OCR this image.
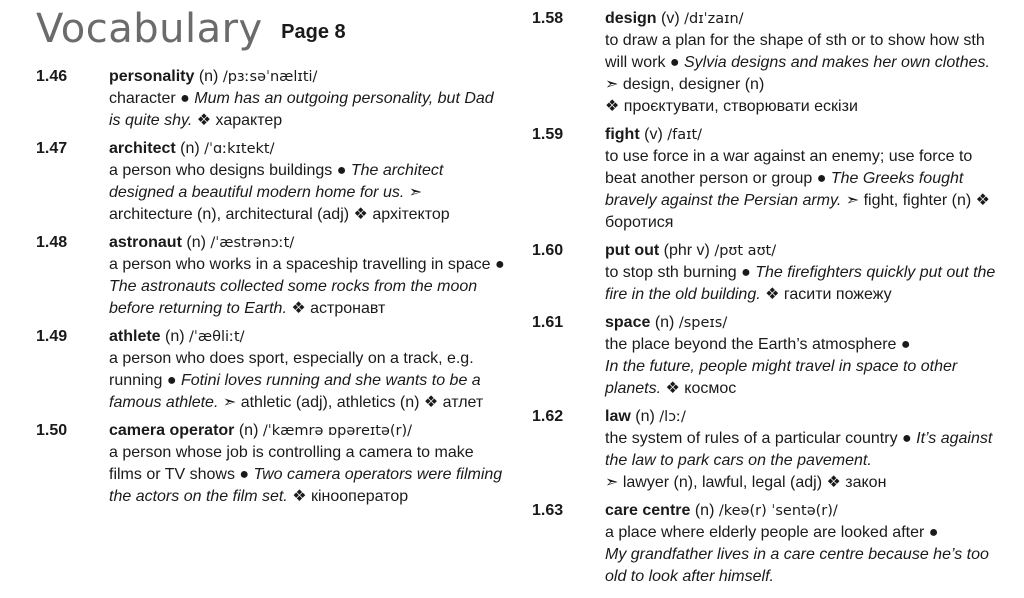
Vocabulary Page 8
1.46	personality (n) /pɜːsəˈnælɪti/
character ● Mum has an outgoing personality, but Dad is quite shy. ❖ характер
1.47	architect (n) /ˈɑːkɪtekt/
a person who designs buildings ● The architect designed a beautiful modern home for us. ➣ architecture (n), architectural (adj) ❖ архітектор
1.48	astronaut (n) /ˈæstrənɔːt/
a person who works in a spaceship travelling in space ● The astronauts collected some rocks from the moon before returning to Earth. ❖ астронавт
1.49	athlete (n) /ˈæθliːt/
a person who does sport, especially on a track, e.g. running ● Fotini loves running and she wants to be a famous athlete. ➣ athletic (adj), athletics (n) ❖ атлет
1.50	camera operator (n) /ˈkæmrə ɒpəreɪtə(r)/
a person whose job is controlling a camera to make films or TV shows ● Two camera operators were filming the actors on the film set. ❖ кінооператор
1.58	design (v) /dɪˈzaɪn/
to draw a plan for the shape of sth or to show how sth will work ● Sylvia designs and makes her own clothes. ➣ design, designer (n)
❖ проєктувати, створювати ескізи
1.59	fight (v) /faɪt/
to use force in a war against an enemy; use force to beat another person or group ● The Greeks fought bravely against the Persian army. ➣ fight, fighter (n) ❖ боротися
1.60	put out (phr v) /pʊt aʊt/
to stop sth burning ● The firefighters quickly put out the fire in the old building. ❖ гасити пожежу
1.61	space (n) /speɪs/
the place beyond the Earth’s atmosphere ●
In the future, people might travel in space to other planets. ❖ космос
1.62	law (n) /lɔː/
the system of rules of a particular country ● It’s against the law to park cars on the pavement.
➣ lawyer (n), lawful, legal (adj) ❖ закон
1.63	care centre (n) /keə(r) ˈsentə(r)/
a place where elderly people are looked after ●
My grandfather lives in a care centre because he’s too old to look after himself.
